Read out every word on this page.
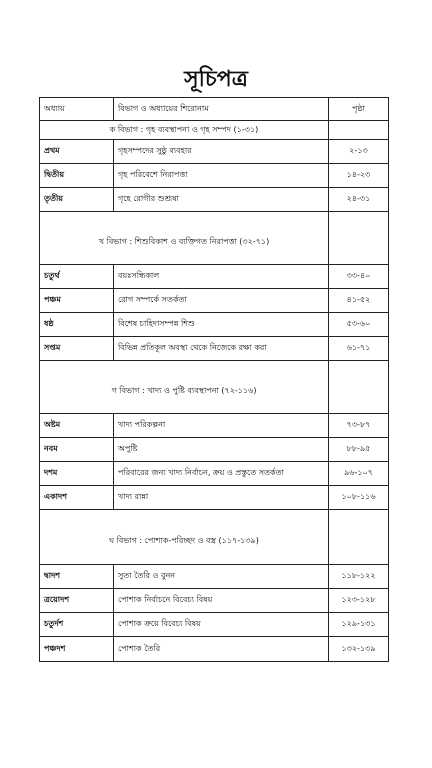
সূচিপত্র
অধ্যায়	বিভাগ ও অধ্যায়ের শিরোনাম	পৃষ্ঠা
ক বিভাগ : গৃহ ব্যবস্থাপনা ও গৃহ সম্পদ (১-৩১)		
প্রথম	গৃহসম্পদের সুষ্ঠু ব্যবহার	২-১৩
দ্বিতীয়	গৃহ পরিবেশে নিরাপত্তা	১৪-২৩
তৃতীয়	গৃহে রোগীর শুশ্রূষা	২৪-৩১
খ বিভাগ : শিশুবিকাশ ও ব্যক্তিগত নিরাপত্তা (৩২-৭১)		
চতুর্থ	বয়ঃসন্ধিকাল	৩৩-৪০
পঞ্চম	রোগ সম্পর্কে সতর্কতা	৪১-৫২
ষষ্ঠ	বিশেষ চাহিদাসম্পন্ন শিশু	৫৩-৬০
সপ্তম	বিভিন্ন প্রতিকূল অবস্থা থেকে নিজেকে রক্ষা করা	৬১-৭১
গ বিভাগ : খাদ্য ও পুষ্টি ব্যবস্থাপনা (৭২-১১৬)		
অষ্টম	খাদ্য পরিকল্পনা	৭৩-৮৭
নবম	অপুষ্টি	৮৮-৯৫
দশম	পরিবারের জন্য খাদ্য নির্বাচন, ক্রয় ও প্রস্তুতে সতর্কতা	৯৬-১০৭
একাদশ	খাদ্য রান্না	১০৮-১১৬
ঘ বিভাগ : পোশাক-পরিচ্ছদ ও বস্ত্র (১১৭-১৩৯)		
দ্বাদশ	সুতা তৈরি ও বুনন	১১৮-১২২
ত্রয়োদশ	পোশাক নির্বাচনে বিবেচ্য বিষয়	১২৩-১২৮
চতুর্দশ	পোশাক ক্রয়ে বিবেচ্য বিষয়	১২৯-১৩১
পঞ্চদশ	পোশাক তৈরি	১৩২-১৩৯
